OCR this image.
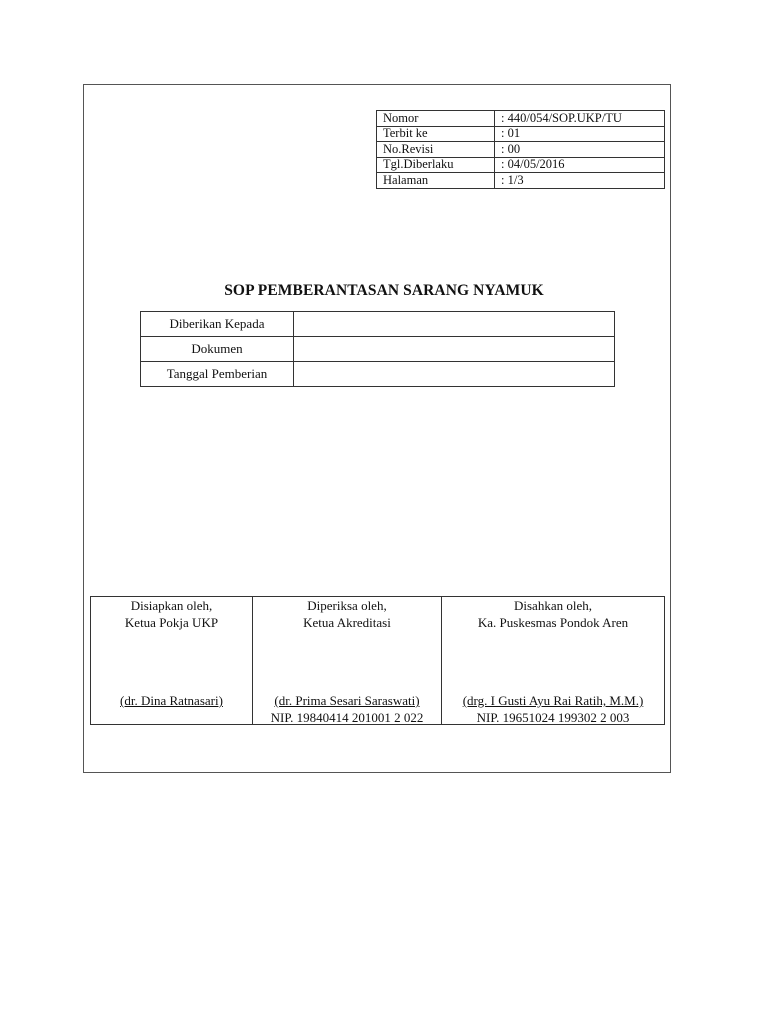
Nomor	: 440/054/SOP.UKP/TU
Terbit ke	: 01
No.Revisi	: 00
Tgl.Diberlaku	: 04/05/2016
Halaman	: 1/3
SOP PEMBERANTASAN SARANG NYAMUK
Diberikan Kepada	
Dokumen	
Tanggal Pemberian	
Disiapkan oleh,
Ketua Pokja UKP
(dr. Dina Ratnasari)

Diperiksa oleh,
Ketua Akreditasi
(dr. Prima Sesari Saraswati)
NIP. 19840414 201001 2 022

Disahkan oleh,
Ka. Puskesmas Pondok Aren
(drg. I Gusti Ayu Rai Ratih, M.M.)
NIP. 19651024 199302 2 003
